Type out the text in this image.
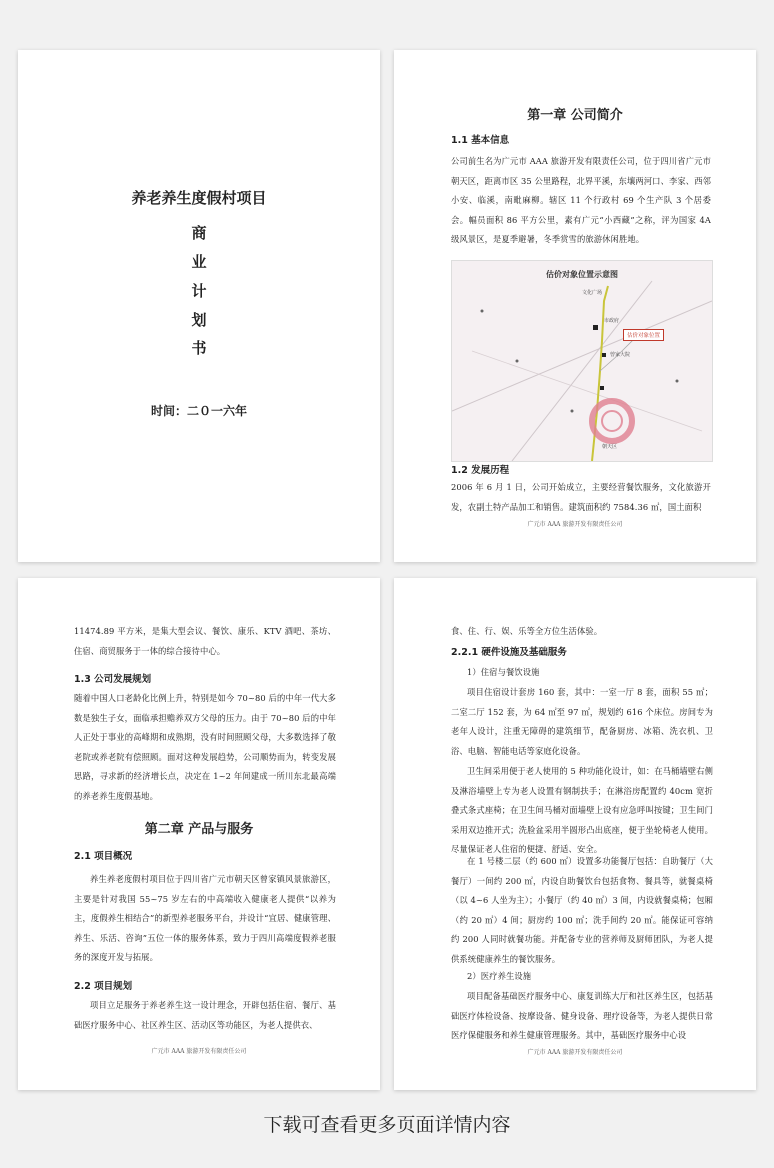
养老养生度假村项目
商
业
计
划
书
时间：二０一六年
第一章 公司简介
1.1 基本信息
公司前生名为广元市 AAA 旅游开发有限责任公司，位于四川省广元市朝天区，距离市区 35 公里路程，北界平溪，东壤两河口、李家、西邻小安、临溪，南毗麻柳。辖区 11 个行政村 69 个生产队 3 个居委会。幅员面积 86 平方公里，素有广元“小西藏”之称，评为国家 4A 级风景区，是夏季避暑，冬季赏雪的旅游休闲胜地。
估价对象位置示意图
文化广场
市政府
曾家大院
朝天区
估价对象位置
1.2 发展历程
2006 年 6 月 1 日，公司开始成立，主要经营餐饮服务，文化旅游开发，农副土特产品加工和销售。建筑面积约 7584.36 ㎡，国土面积
广元市 AAA 旅游开发有限责任公司
11474.89 平方米，是集大型会议、餐饮、康乐、KTV 酒吧、茶坊、住宿、商贸服务于一体的综合接待中心。
1.3 公司发展规划
随着中国人口老龄化比例上升，特别是如今 70~80 后的中年一代大多数是独生子女，面临承担赡养双方父母的压力。由于 70~80 后的中年人正处于事业的高峰期和成熟期，没有时间照顾父母，大多数选择了敬老院或养老院有偿照顾。面对这种发展趋势，公司顺势而为，转变发展思路，寻求新的经济增长点，决定在 1~2 年间建成一所川东北最高端的养老养生度假基地。
第二章 产品与服务
2.1 项目概况
养生养老度假村项目位于四川省广元市朝天区曾家镇风景旅游区，主要是针对我国 55~75 岁左右的中高端收入健康老人提供“以养为主，度假养生相结合”的新型养老服务平台，并设计“宜居、健康管理、养生、乐活、咨询”五位一体的服务体系，致力于四川高端度假养老服务的深度开发与拓展。
2.2 项目规划
项目立足服务于养老养生这一设计理念，开辟包括住宿、餐厅、基础医疗服务中心、社区养生区、活动区等功能区，为老人提供衣、
广元市 AAA 旅游开发有限责任公司
食、住、行、娱、乐等全方位生活体验。
2.2.1 硬件设施及基础服务
1）住宿与餐饮设施
项目住宿设计套房 160 套，其中：一室一厅 8 套，面积 55 ㎡；二室二厅 152 套，为 64 ㎡至 97 ㎡，规划约 616 个床位。房间专为老年人设计，注重无障碍的建筑细节，配备厨房、冰箱、洗衣机、卫浴、电脑、智能电话等家庭化设备。
卫生间采用便于老人使用的 5 种功能化设计，如：在马桶墙壁右侧及淋浴墙壁上专为老人设置有钢制扶手；在淋浴房配置约 40cm 宽折叠式条式座椅；在卫生间马桶对面墙壁上设有应急呼叫按键；卫生间门采用双边推开式；洗脸盆采用半圆形凸出底座，便于坐轮椅老人使用。尽量保证老人住宿的便捷、舒适、安全。
在 1 号楼二层（约 600 ㎡）设置多功能餐厅包括：自助餐厅（大餐厅）一间约 200 ㎡，内设自助餐饮台包括食物、餐具等，就餐桌椅（以 4~6 人坐为主）；小餐厅（约 40 ㎡）3 间，内设就餐桌椅；包厢（约 20 ㎡）4 间；厨房约 100 ㎡；洗手间约 20 ㎡。能保证可容纳约 200 人同时就餐功能。并配备专业的营养师及厨师团队，为老人提供系统健康养生的餐饮服务。
2）医疗养生设施
项目配备基础医疗服务中心、康复训练大厅和社区养生区，包括基础医疗体检设备、按摩设备、健身设备、理疗设备等，为老人提供日常医疗保健服务和养生健康管理服务。其中，基础医疗服务中心设
广元市 AAA 旅游开发有限责任公司
下载可查看更多页面详情内容
